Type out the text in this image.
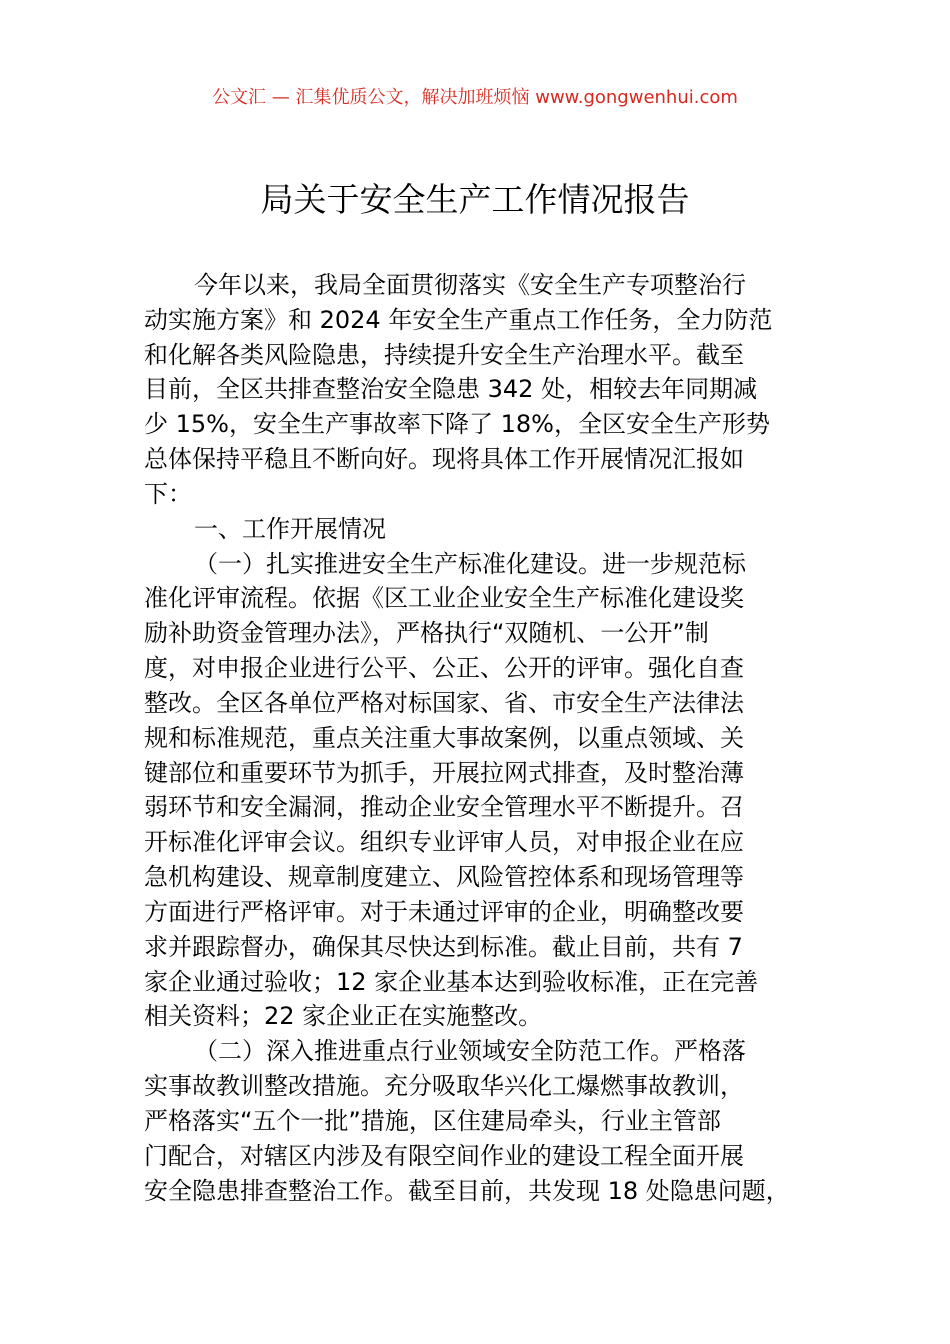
公文汇 — 汇集优质公文，解决加班烦恼 www.gongwenhui.com
局关于安全生产工作情况报告
今年以来，我局全面贯彻落实《安全生产专项整治行
动实施方案》和 2024 年安全生产重点工作任务，全力防范
和化解各类风险隐患，持续提升安全生产治理水平。截至
目前，全区共排查整治安全隐患 342 处，相较去年同期减
少 15%，安全生产事故率下降了 18%，全区安全生产形势
总体保持平稳且不断向好。现将具体工作开展情况汇报如
下：
一、工作开展情况
（一）扎实推进安全生产标准化建设。进一步规范标
准化评审流程。依据《区工业企业安全生产标准化建设奖
励补助资金管理办法》，严格执行“双随机、一公开”制
度，对申报企业进行公平、公正、公开的评审。强化自查
整改。全区各单位严格对标国家、省、市安全生产法律法
规和标准规范，重点关注重大事故案例，以重点领域、关
键部位和重要环节为抓手，开展拉网式排查，及时整治薄
弱环节和安全漏洞，推动企业安全管理水平不断提升。召
开标准化评审会议。组织专业评审人员，对申报企业在应
急机构建设、规章制度建立、风险管控体系和现场管理等
方面进行严格评审。对于未通过评审的企业，明确整改要
求并跟踪督办，确保其尽快达到标准。截止目前，共有 7
家企业通过验收；12 家企业基本达到验收标准，正在完善
相关资料；22 家企业正在实施整改。
（二）深入推进重点行业领域安全防范工作。严格落
实事故教训整改措施。充分吸取华兴化工爆燃事故教训，
严格落实“五个一批”措施，区住建局牵头，行业主管部
门配合，对辖区内涉及有限空间作业的建设工程全面开展
安全隐患排查整治工作。截至目前，共发现 18 处隐患问题，
